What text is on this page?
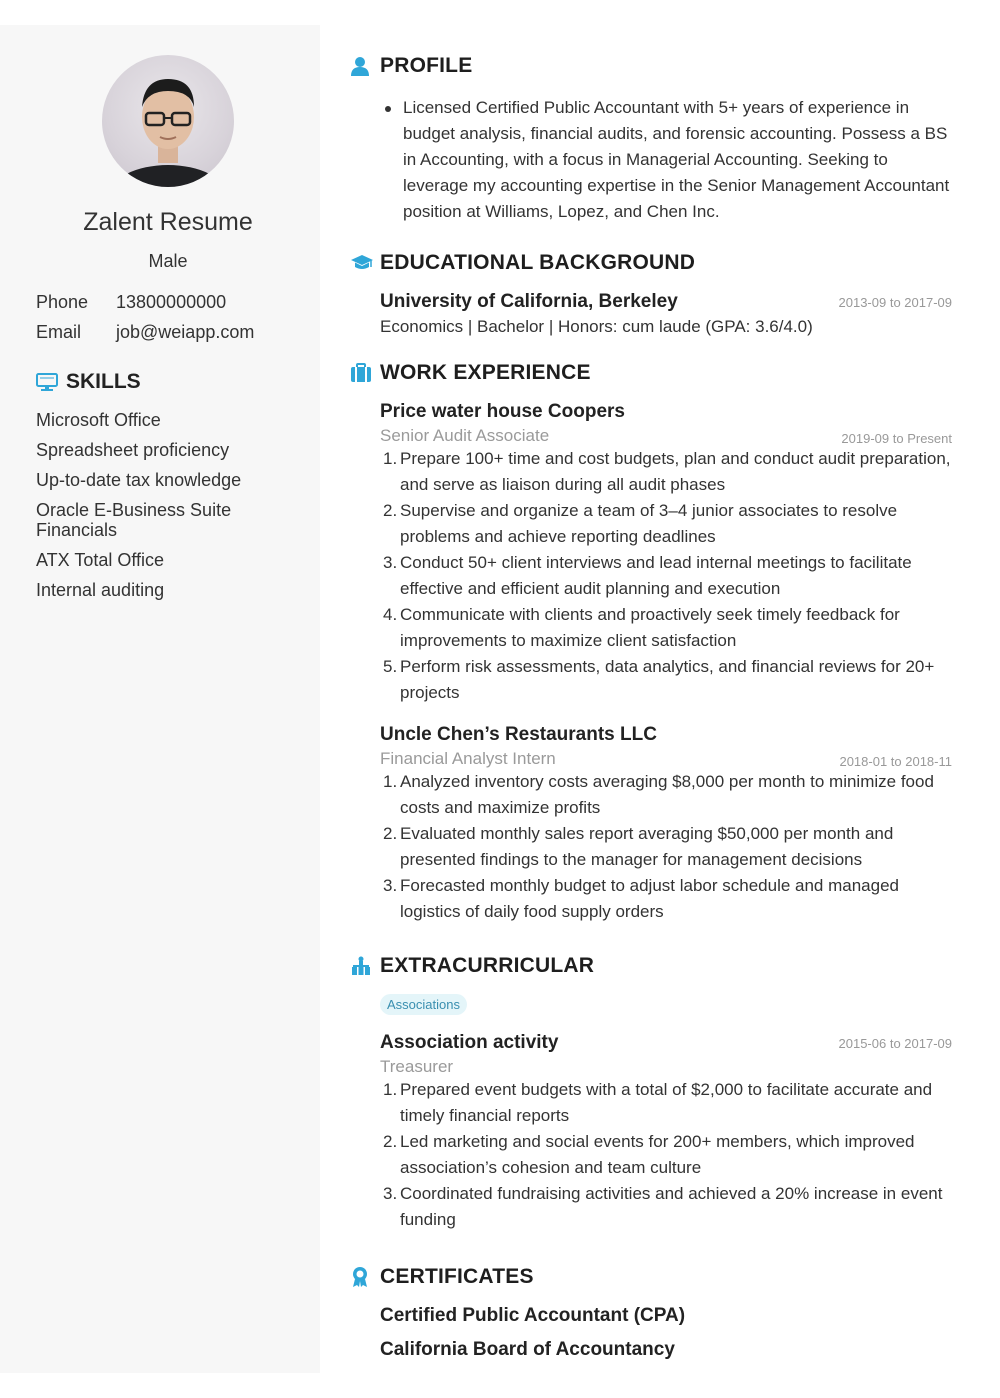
Zalent Resume
Male
Phone 13800000000
Email job@weiapp.com
SKILLS
Microsoft Office
Spreadsheet proficiency
Up-to-date tax knowledge
Oracle E-Business Suite Financials
ATX Total Office
Internal auditing
PROFILE
Licensed Certified Public Accountant with 5+ years of experience in budget analysis, financial audits, and forensic accounting. Possess a BS in Accounting, with a focus in Managerial Accounting. Seeking to leverage my accounting expertise in the Senior Management Accountant position at Williams, Lopez, and Chen Inc.
EDUCATIONAL BACKGROUND
University of California, Berkeley	2013-09 to 2017-09
Economics | Bachelor | Honors: cum laude (GPA: 3.6/4.0)
WORK EXPERIENCE
Price water house Coopers
Senior Audit Associate	2019-09 to Present
1. Prepare 100+ time and cost budgets, plan and conduct audit preparation, and serve as liaison during all audit phases
2. Supervise and organize a team of 3–4 junior associates to resolve problems and achieve reporting deadlines
3. Conduct 50+ client interviews and lead internal meetings to facilitate effective and efficient audit planning and execution
4. Communicate with clients and proactively seek timely feedback for improvements to maximize client satisfaction
5. Perform risk assessments, data analytics, and financial reviews for 20+ projects
Uncle Chen’s Restaurants LLC
Financial Analyst Intern	2018-01 to 2018-11
1. Analyzed inventory costs averaging $8,000 per month to minimize food costs and maximize profits
2. Evaluated monthly sales report averaging $50,000 per month and presented findings to the manager for management decisions
3. Forecasted monthly budget to adjust labor schedule and managed logistics of daily food supply orders
EXTRACURRICULAR
Associations
Association activity	2015-06 to 2017-09
Treasurer
1. Prepared event budgets with a total of $2,000 to facilitate accurate and timely financial reports
2. Led marketing and social events for 200+ members, which improved association’s cohesion and team culture
3. Coordinated fundraising activities and achieved a 20% increase in event funding
CERTIFICATES
Certified Public Accountant (CPA)
California Board of Accountancy
